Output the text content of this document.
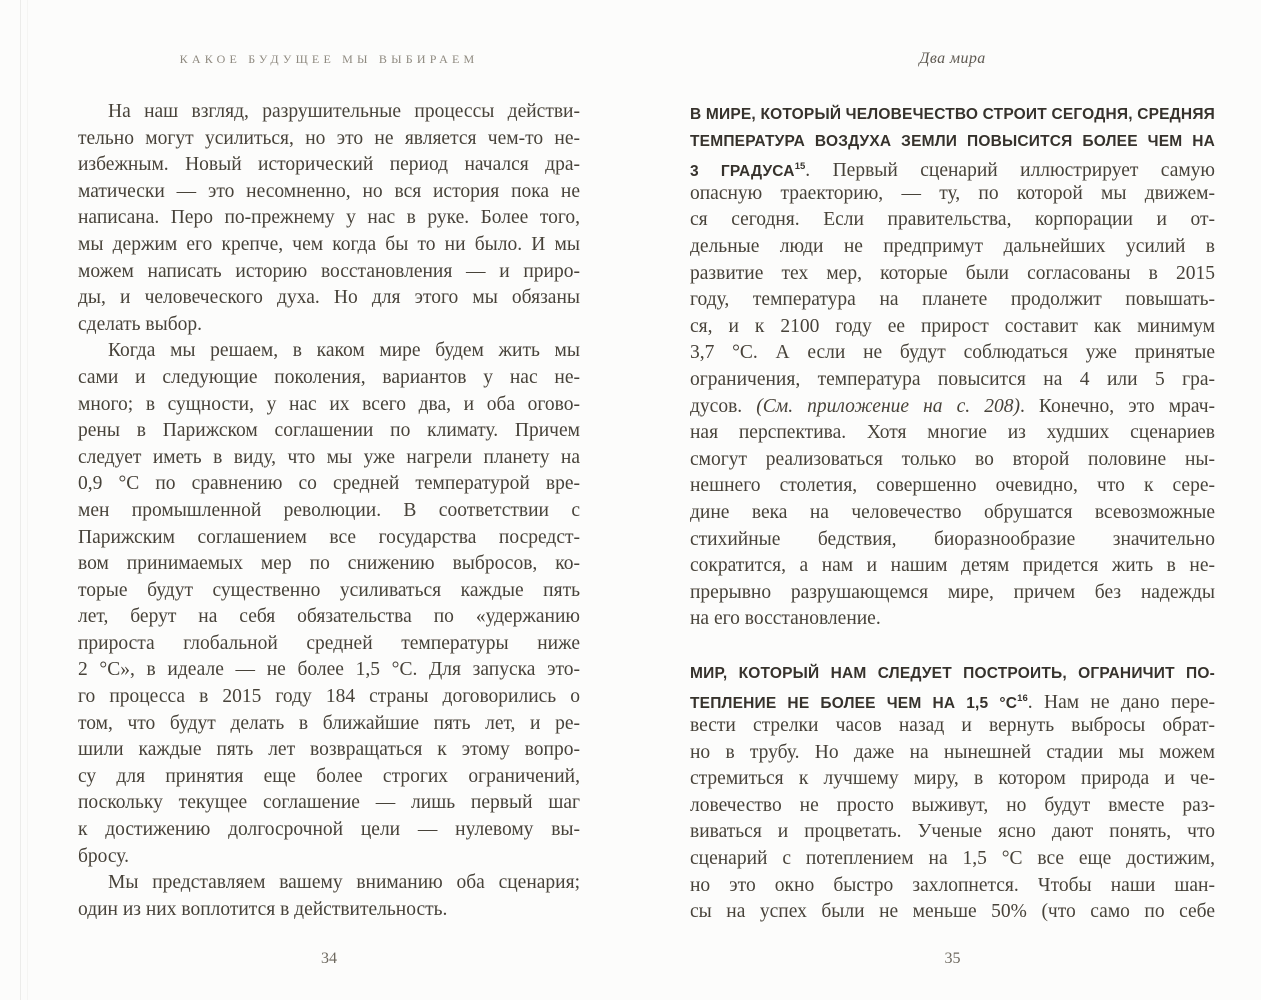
КАКОЕ БУДУЩЕЕ МЫ ВЫБИРАЕМ
На наш взгляд, разрушительные процессы действи-
тельно могут усилиться, но это не является чем-то не-
избежным. Новый исторический период начался дра-
матически — это несомненно, но вся история пока не
написана. Перо по-прежнему у нас в руке. Более того,
мы держим его крепче, чем когда бы то ни было. И мы
можем написать историю восстановления — и приро-
ды, и человеческого духа. Но для этого мы обязаны
сделать выбор.
Когда мы решаем, в каком мире будем жить мы
сами и следующие поколения, вариантов у нас не-
много; в сущности, у нас их всего два, и оба огово-
рены в Парижском соглашении по климату. Причем
следует иметь в виду, что мы уже нагрели планету на
0,9 °С по сравнению со средней температурой вре-
мен промышленной революции. В соответствии с
Парижским соглашением все государства посредст-
вом принимаемых мер по снижению выбросов, ко-
торые будут существенно усиливаться каждые пять
лет, берут на себя обязательства по «удержанию
прироста глобальной средней температуры ниже
2 °С», в идеале — не более 1,5 °С. Для запуска это-
го процесса в 2015 году 184 страны договорились о
том, что будут делать в ближайшие пять лет, и ре-
шили каждые пять лет возвращаться к этому вопро-
су для принятия еще более строгих ограничений,
поскольку текущее соглашение — лишь первый шаг
к достижению долгосрочной цели — нулевому вы-
бросу.
Мы представляем вашему вниманию оба сценария;
один из них воплотится в действительность.
34
Два мира
В МИРЕ, КОТОРЫЙ ЧЕЛОВЕЧЕСТВО СТРОИТ СЕГОДНЯ, СРЕДНЯЯ
ТЕМПЕРАТУРА ВОЗДУХА ЗЕМЛИ ПОВЫСИТСЯ БОЛЕЕ ЧЕМ НА
3 ГРАДУСА$^{15}$. Первый сценарий иллюстрирует самую
опасную траекторию, — ту, по которой мы движем-
ся сегодня. Если правительства, корпорации и от-
дельные люди не предпримут дальнейших усилий в
развитие тех мер, которые были согласованы в 2015
году, температура на планете продолжит повышать-
ся, и к 2100 году ее прирост составит как минимум
3,7 °С. А если не будут соблюдаться уже принятые
ограничения, температура повысится на 4 или 5 гра-
дусов. (См. приложение на с. 208). Конечно, это мрач-
ная перспектива. Хотя многие из худших сценариев
смогут реализоваться только во второй половине ны-
нешнего столетия, совершенно очевидно, что к сере-
дине века на человечество обрушатся всевозможные
стихийные бедствия, биоразнообразие значительно
сократится, а нам и нашим детям придется жить в не-
прерывно разрушающемся мире, причем без надежды
на его восстановление.
МИР, КОТОРЫЙ НАМ СЛЕДУЕТ ПОСТРОИТЬ, ОГРАНИЧИТ ПО-
ТЕПЛЕНИЕ НЕ БОЛЕЕ ЧЕМ НА 1,5 $^\circ С^{16}$. Нам не дано пере-
вести стрелки часов назад и вернуть выбросы обрат-
но в трубу. Но даже на нынешней стадии мы можем
стремиться к лучшему миру, в котором природа и че-
ловечество не просто выживут, но будут вместе раз-
виваться и процветать. Ученые ясно дают понять, что
сценарий с потеплением на 1,5 °С все еще достижим,
но это окно быстро захлопнется. Чтобы наши шан-
сы на успех были не меньше 50% (что само по себе
35
